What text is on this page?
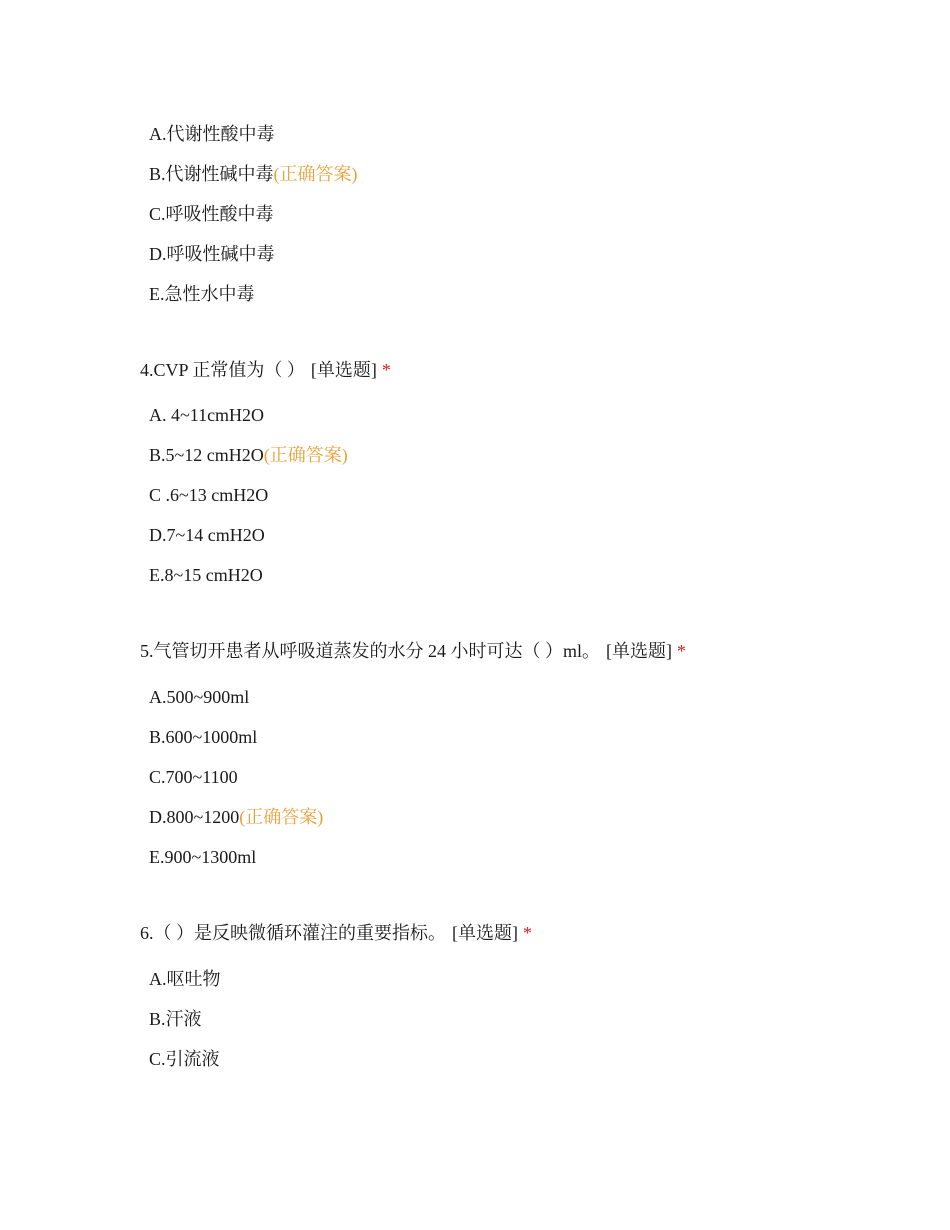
A.代谢性酸中毒
B.代谢性碱中毒(正确答案)
C.呼吸性酸中毒
D.呼吸性碱中毒
E.急性水中毒
4.CVP 正常值为（ ） [单选题] *
A. 4~11cmH2O
B.5~12 cmH2O(正确答案)
C .6~13 cmH2O
D.7~14 cmH2O
E.8~15 cmH2O
5.气管切开患者从呼吸道蒸发的水分 24 小时可达（ ）ml。 [单选题] *
A.500~900ml
B.600~1000ml
C.700~1100
D.800~1200(正确答案)
E.900~1300ml
6.（ ）是反映微循环灌注的重要指标。 [单选题] *
A.呕吐物
B.汗液
C.引流液
